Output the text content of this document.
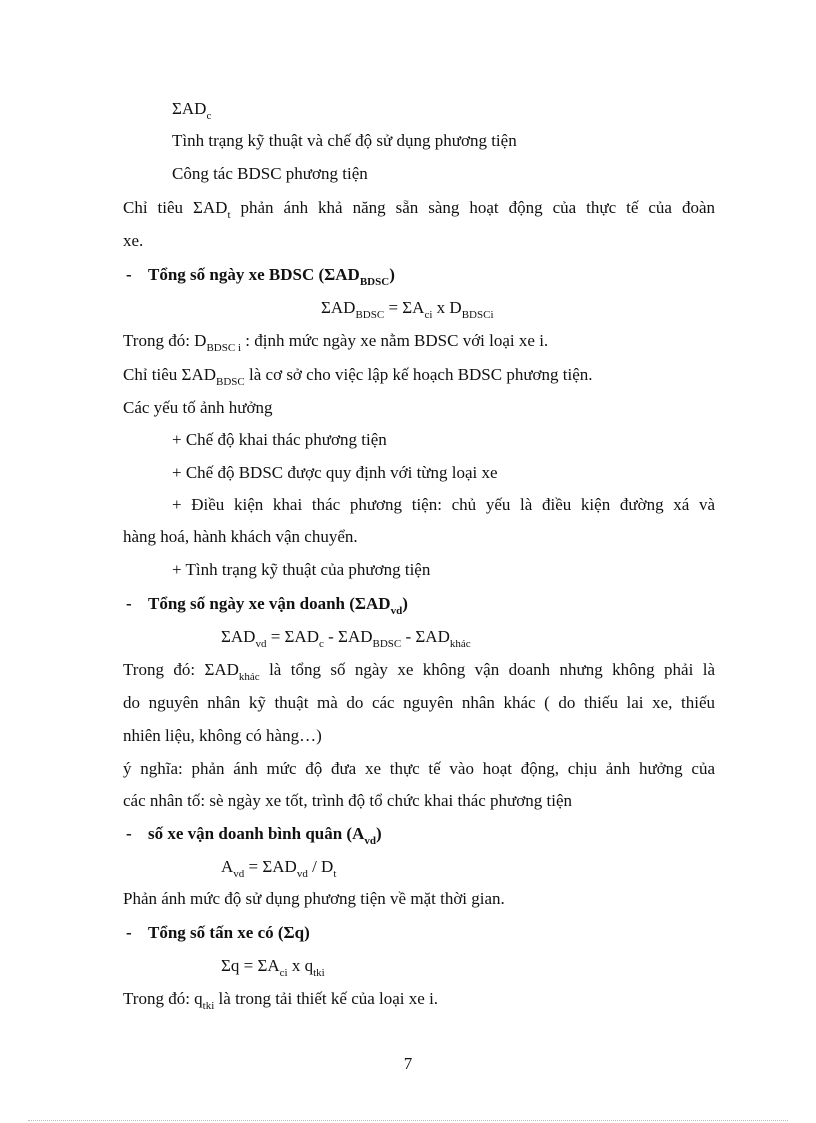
$\Sigma AD_c$
Tình trạng kỹ thuật và chế độ sử dụng phương tiện
Công tác BDSC phương tiện
Chỉ tiêu $\Sigma AD_t$ phản ánh khả năng sẵn sàng hoạt động của thực tế của đoàn
xe.
- Tổng số ngày xe BDSC $(\Sigma AD_{BDSC})$
$\Sigma AD_{BDSC} = \Sigma A_{ci}$ x $D_{BDSCi}$
Trong đó: $D_{BDSC i}$ : định mức ngày xe nằm BDSC với loại xe i.
Chỉ tiêu $\Sigma AD_{BDSC}$ là cơ sở cho việc lập kế hoạch BDSC phương tiện.
Các yếu tố ảnh hưởng
+ Chế độ khai thác phương tiện
+ Chế độ BDSC được quy định với từng loại xe
+ Điều kiện khai thác phương tiện: chủ yếu là điều kiện đường xá và
hàng hoá, hành khách vận chuyển.
+ Tình trạng kỹ thuật của phương tiện
- Tổng số ngày xe vận doanh $(\Sigma AD_{vd})$
$\Sigma AD_{vd} = \Sigma AD_c - \Sigma AD_{BDSC} - \Sigma AD_{khác}$
Trong đó: $\Sigma AD_{khác}$ là tổng số ngày xe không vận doanh nhưng không phải là
do nguyên nhân kỹ thuật mà do các nguyên nhân khác ( do thiếu lai xe, thiếu
nhiên liệu, không có hàng…)
ý nghĩa: phản ánh mức độ đưa xe thực tế vào hoạt động, chịu ảnh hưởng của
các nhân tố: sè ngày xe tốt, trình độ tổ chức khai thác phương tiện
- số xe vận doanh bình quân $(A_{vd})$
$A_{vd} = \Sigma AD_{vd} / D_t$
Phản ánh mức độ sử dụng phương tiện về mặt thời gian.
- Tổng số tấn xe có (Σq)
$\Sigma q = \Sigma A_{ci}$ x $q_{tki}$
Trong đó: $q_{tki}$ là trong tải thiết kế của loại xe i.
7
